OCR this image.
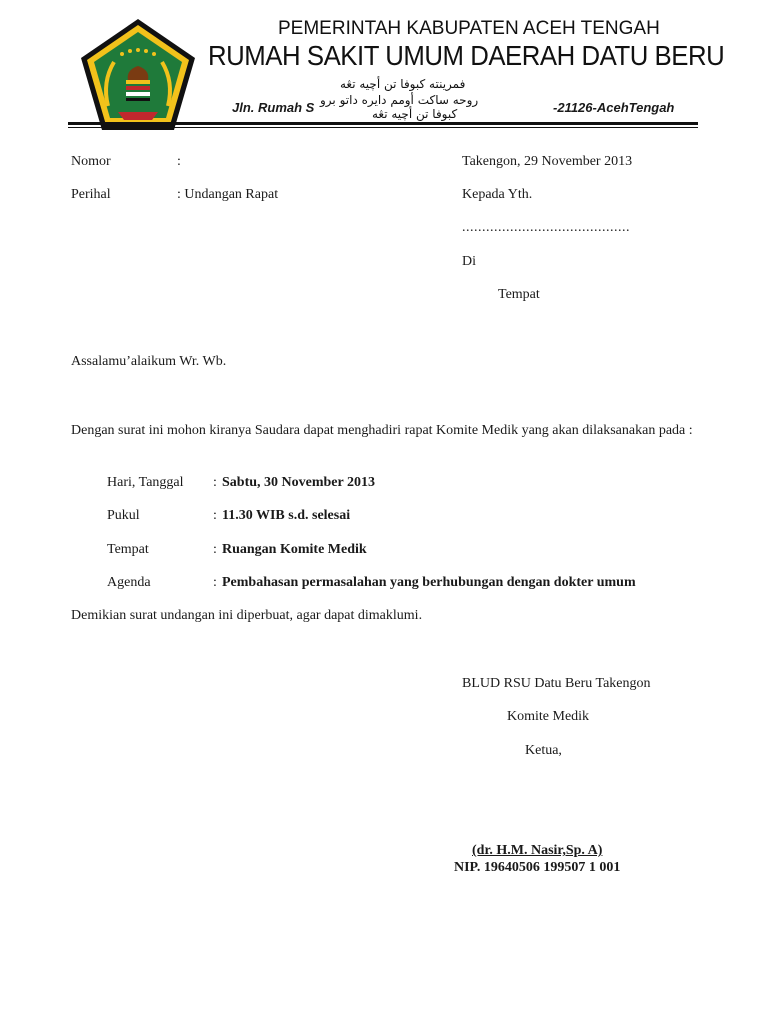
PEMERINTAH KABUPATEN ACEH TENGAH
RUMAH SAKIT UMUM DAERAH DATU BERU
فمرينته كبوفا تن أچيه تڠه
روحه ساكت أومم دايره داتو برو
كبوفا تن أچيه تڠه
Jln. Rumah S	-21126-AcehTengah
Nomor	:
Perihal	: Undangan Rapat
Takengon, 29 November 2013
Kepada Yth.
..........................................
Di
Tempat
Assalamu’alaikum Wr. Wb.
Dengan surat ini mohon kiranya Saudara dapat menghadiri rapat Komite Medik yang akan dilaksanakan pada :
Hari, Tanggal : Sabtu, 30 November 2013
Pukul	: 11.30 WIB s.d. selesai
Tempat	: Ruangan Komite Medik
Agenda	: Pembahasan permasalahan yang berhubungan dengan dokter umum
Demikian surat undangan ini diperbuat, agar dapat dimaklumi.
BLUD RSU Datu Beru Takengon
Komite Medik
Ketua,
(dr. H.M. Nasir,Sp. A)
NIP. 19640506 199507 1 001
